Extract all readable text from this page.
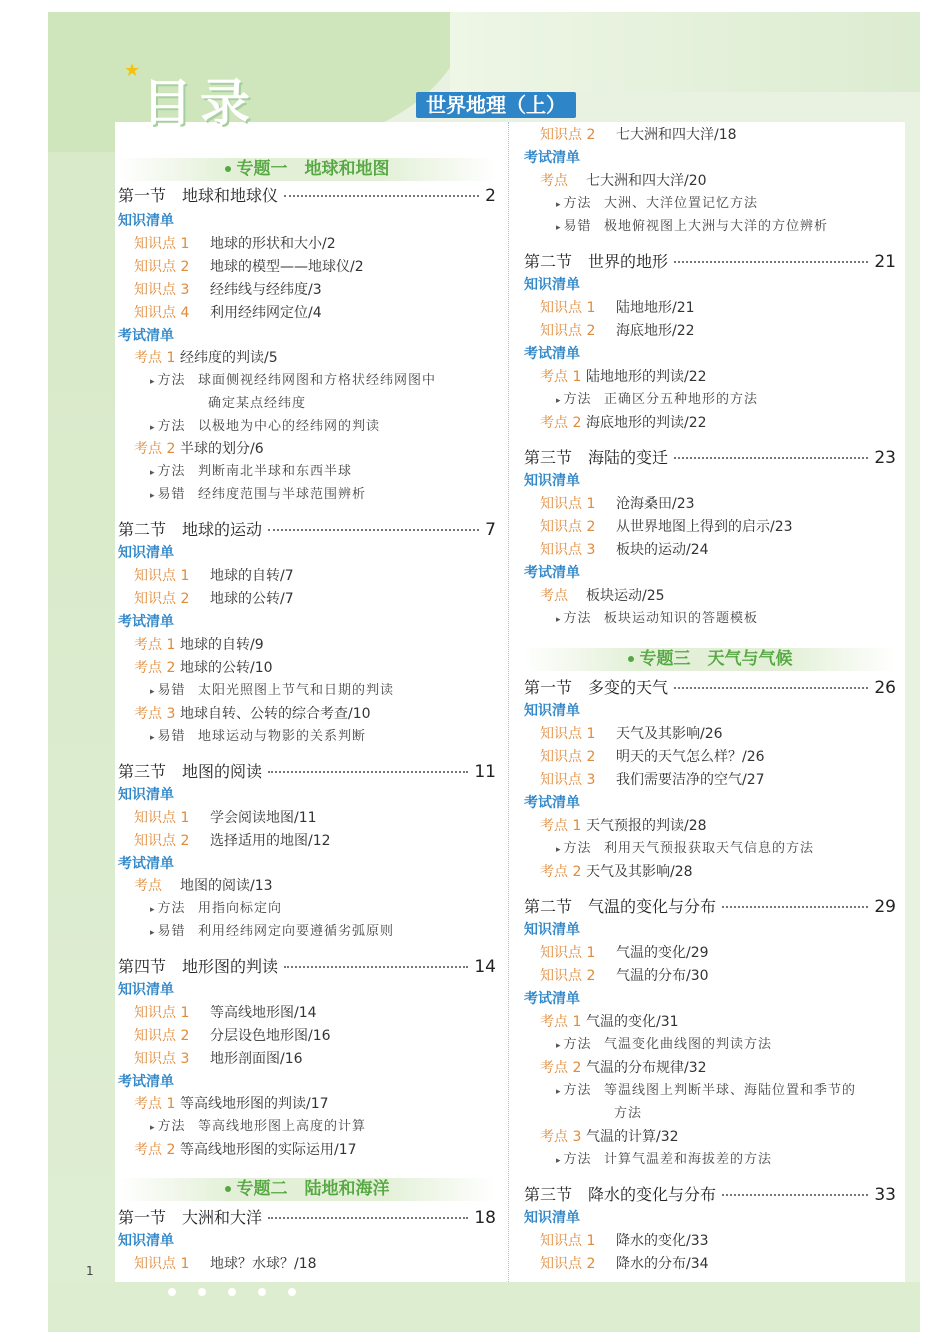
★
目录	世界地理（上）
1
专题一　地球和地图
第一节　地球和地球仪	2
知识清单
知识点 1 地球的形状和大小/2
知识点 2 地球的模型——地球仪/2
知识点 3 经纬线与经纬度/3
知识点 4 利用经纬网定位/4
考试清单
考点 1 经纬度的判读/5
▸ 方法 球面侧视经纬网图和方格状经纬网图中
确定某点经纬度
▸ 方法 以极地为中心的经纬网的判读
考点 2 半球的划分/6
▸ 方法 判断南北半球和东西半球
▸ 易错 经纬度范围与半球范围辨析
第二节　地球的运动	7
知识清单
知识点 1 地球的自转/7
知识点 2 地球的公转/7
考试清单
考点 1 地球的自转/9
考点 2 地球的公转/10
▸ 易错 太阳光照图上节气和日期的判读
考点 3 地球自转、公转的综合考查/10
▸ 易错 地球运动与物影的关系判断
第三节　地图的阅读	11
知识清单
知识点 1 学会阅读地图/11
知识点 2 选择适用的地图/12
考试清单
考点 地图的阅读/13
▸ 方法 用指向标定向
▸ 易错 利用经纬网定向要遵循劣弧原则
第四节　地形图的判读	14
知识清单
知识点 1 等高线地形图/14
知识点 2 分层设色地形图/16
知识点 3 地形剖面图/16
考试清单
考点 1 等高线地形图的判读/17
▸ 方法 等高线地形图上高度的计算
考点 2 等高线地形图的实际运用/17
专题二　陆地和海洋
第一节　大洲和大洋	18
知识清单
知识点 1 地球？水球？/18
知识点 2 七大洲和四大洋/18
考试清单
考点 七大洲和四大洋/20
▸ 方法 大洲、大洋位置记忆方法
▸ 易错 极地俯视图上大洲与大洋的方位辨析
第二节　世界的地形	21
知识清单
知识点 1 陆地地形/21
知识点 2 海底地形/22
考试清单
考点 1 陆地地形的判读/22
▸ 方法 正确区分五种地形的方法
考点 2 海底地形的判读/22
第三节　海陆的变迁	23
知识清单
知识点 1 沧海桑田/23
知识点 2 从世界地图上得到的启示/23
知识点 3 板块的运动/24
考试清单
考点 板块运动/25
▸ 方法 板块运动知识的答题模板
专题三　天气与气候
第一节　多变的天气	26
知识清单
知识点 1 天气及其影响/26
知识点 2 明天的天气怎么样？/26
知识点 3 我们需要洁净的空气/27
考试清单
考点 1 天气预报的判读/28
▸ 方法 利用天气预报获取天气信息的方法
考点 2 天气及其影响/28
第二节　气温的变化与分布	29
知识清单
知识点 1 气温的变化/29
知识点 2 气温的分布/30
考试清单
考点 1 气温的变化/31
▸ 方法 气温变化曲线图的判读方法
考点 2 气温的分布规律/32
▸ 方法 等温线图上判断半球、海陆位置和季节的
方法
考点 3 气温的计算/32
▸ 方法 计算气温差和海拔差的方法
第三节　降水的变化与分布	33
知识清单
知识点 1 降水的变化/33
知识点 2 降水的分布/34
